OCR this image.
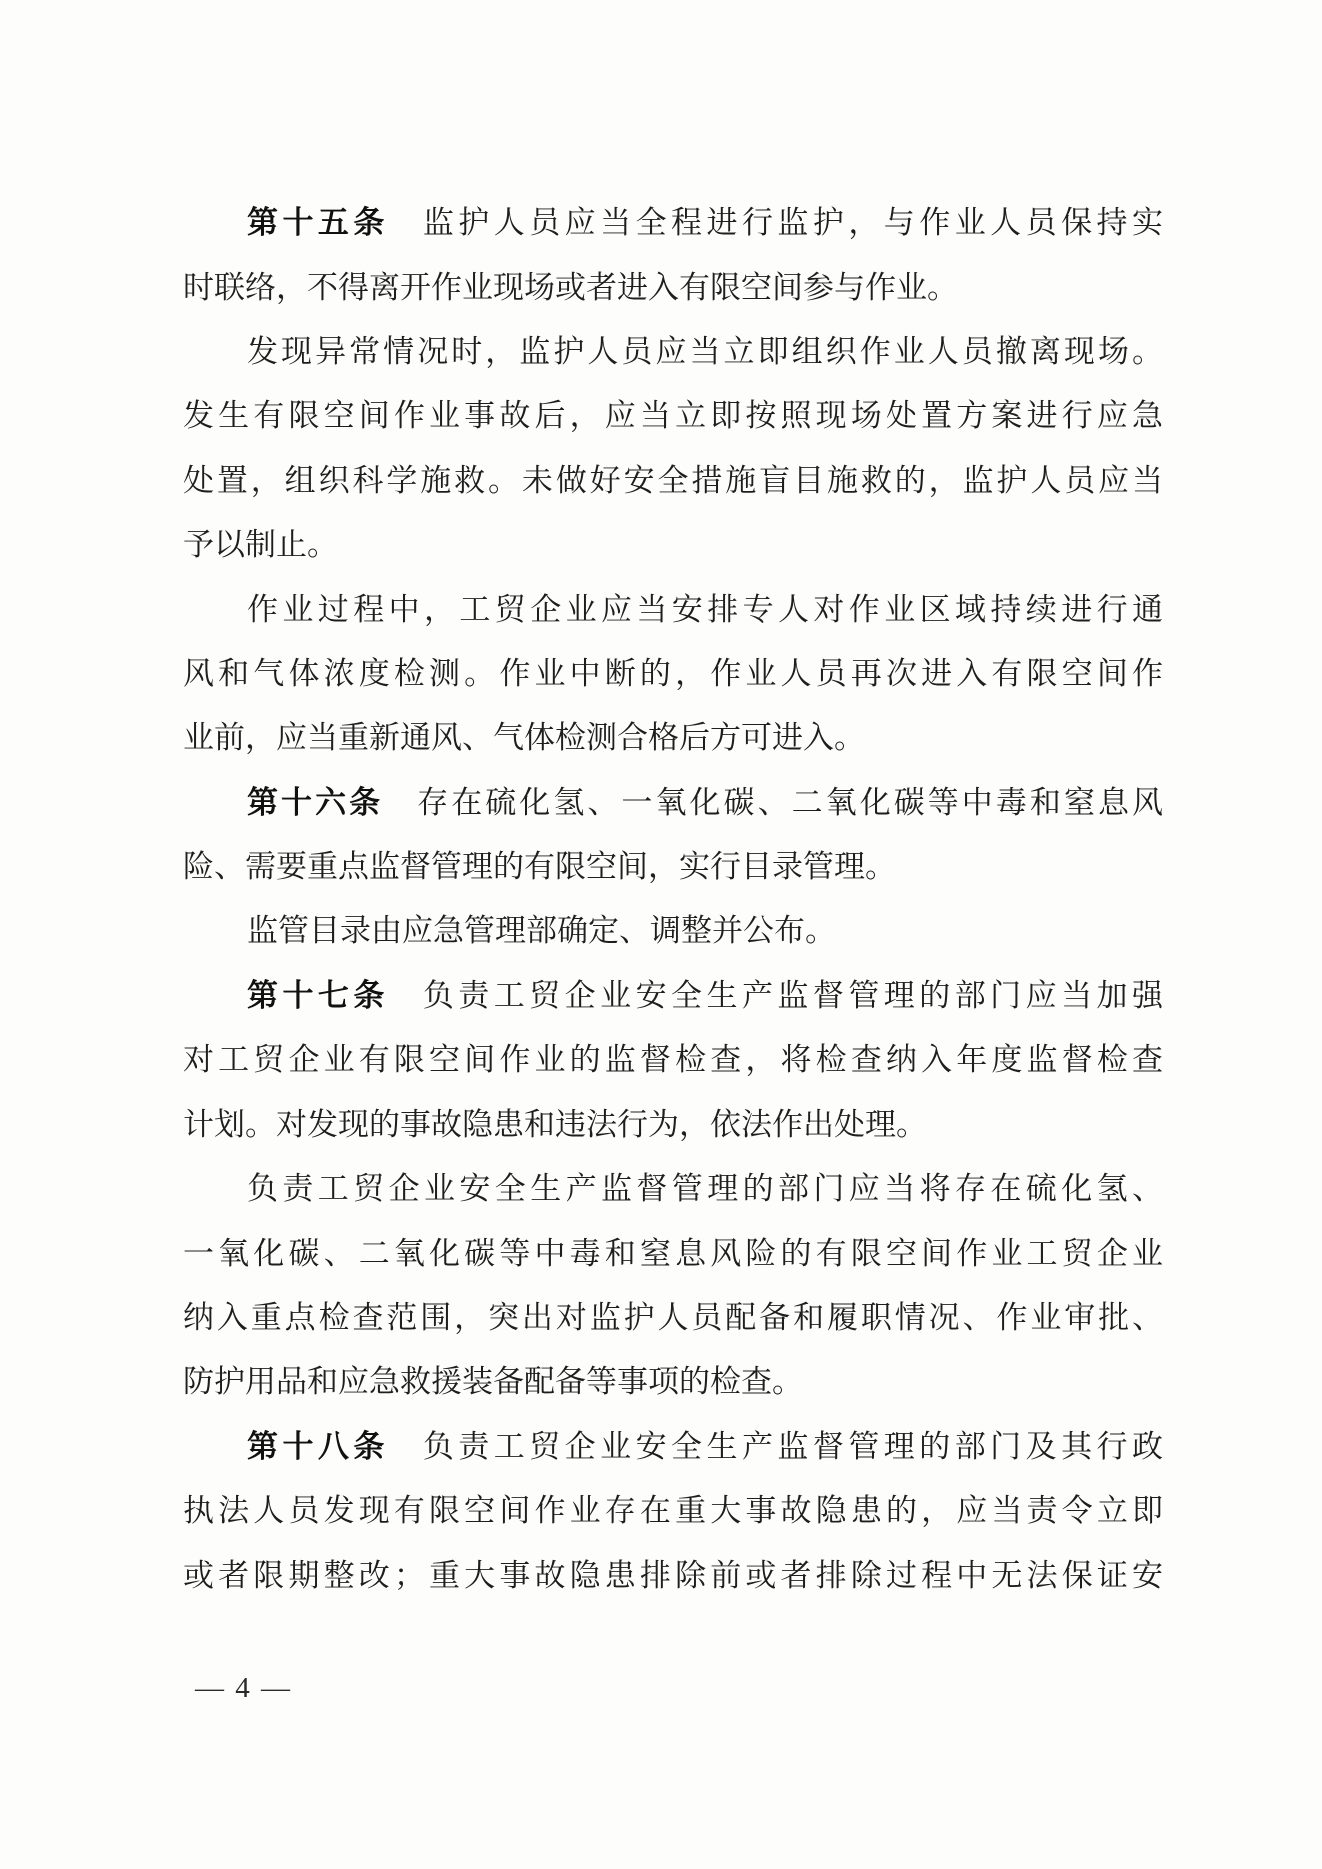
第十五条 监护人员应当全程进行监护，与作业人员保持实
时联络，不得离开作业现场或者进入有限空间参与作业。
发现异常情况时，监护人员应当立即组织作业人员撤离现场。
发生有限空间作业事故后，应当立即按照现场处置方案进行应急
处置，组织科学施救。未做好安全措施盲目施救的，监护人员应当
予以制止。
作业过程中，工贸企业应当安排专人对作业区域持续进行通
风和气体浓度检测。作业中断的，作业人员再次进入有限空间作
业前，应当重新通风、气体检测合格后方可进入。
第十六条 存在硫化氢、一氧化碳、二氧化碳等中毒和窒息风
险、需要重点监督管理的有限空间，实行目录管理。
监管目录由应急管理部确定、调整并公布。
第十七条 负责工贸企业安全生产监督管理的部门应当加强
对工贸企业有限空间作业的监督检查，将检查纳入年度监督检查
计划。对发现的事故隐患和违法行为，依法作出处理。
负责工贸企业安全生产监督管理的部门应当将存在硫化氢、
一氧化碳、二氧化碳等中毒和窒息风险的有限空间作业工贸企业
纳入重点检查范围，突出对监护人员配备和履职情况、作业审批、
防护用品和应急救援装备配备等事项的检查。
第十八条 负责工贸企业安全生产监督管理的部门及其行政
执法人员发现有限空间作业存在重大事故隐患的，应当责令立即
或者限期整改；重大事故隐患排除前或者排除过程中无法保证安
— 4 —
